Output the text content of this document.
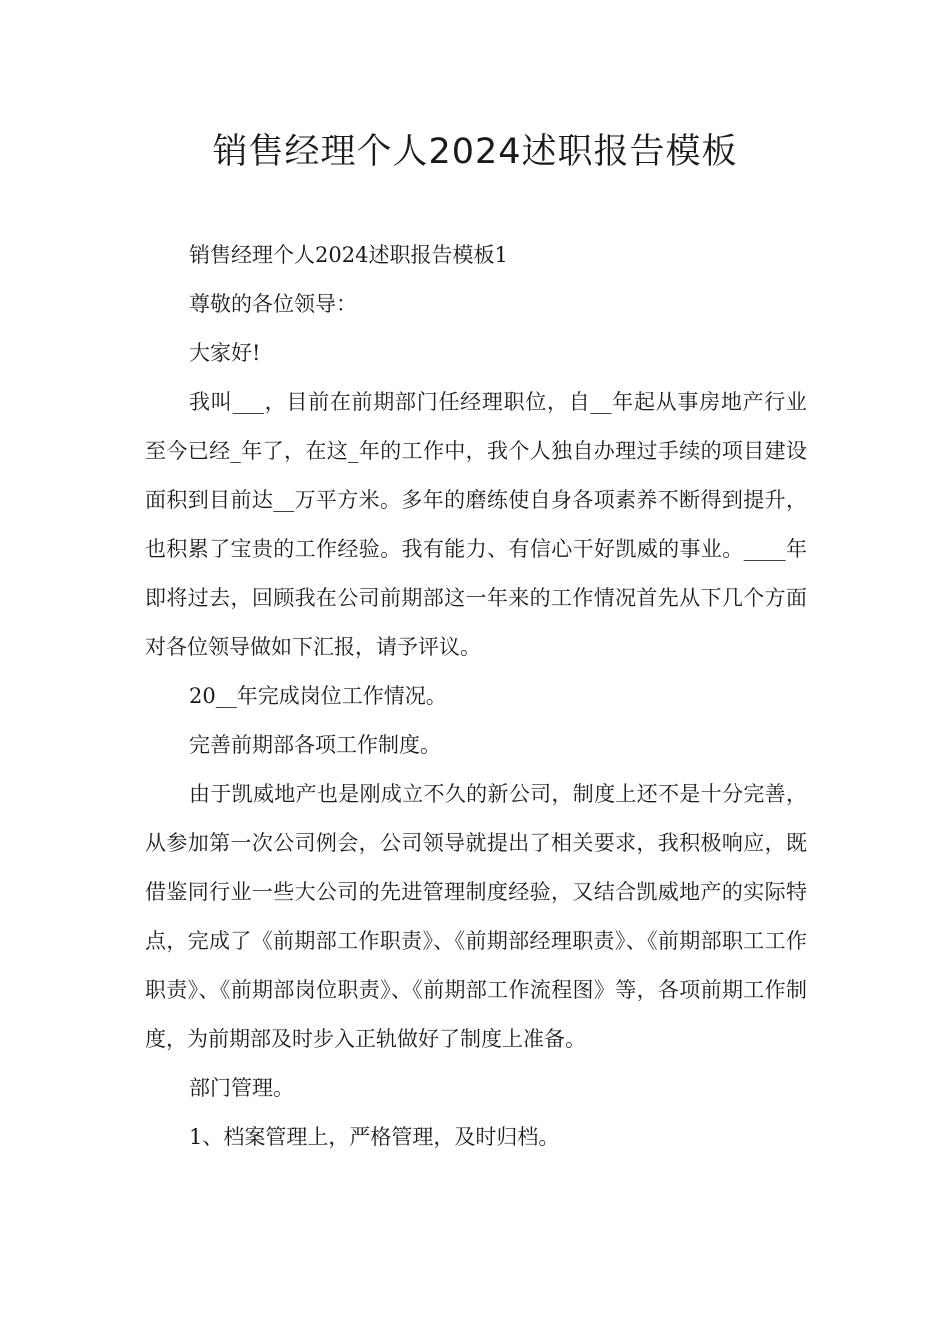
销售经理个人2024述职报告模板

销售经理个人2024述职报告模板1

尊敬的各位领导：

大家好!

我叫___，目前在前期部门任经理职位，自__年起从事房地产行业至今已经_年了，在这_年的工作中，我个人独自办理过手续的项目建设面积到目前达__万平方米。多年的磨练使自身各项素养不断得到提升，也积累了宝贵的工作经验。我有能力、有信心干好凯威的事业。____年即将过去，回顾我在公司前期部这一年来的工作情况首先从下几个方面对各位领导做如下汇报，请予评议。

20__年完成岗位工作情况。

完善前期部各项工作制度。

由于凯威地产也是刚成立不久的新公司，制度上还不是十分完善，从参加第一次公司例会，公司领导就提出了相关要求，我积极响应，既借鉴同行业一些大公司的先进管理制度经验，又结合凯威地产的实际特点，完成了《前期部工作职责》、《前期部经理职责》、《前期部职工工作职责》、《前期部岗位职责》、《前期部工作流程图》等，各项前期工作制度，为前期部及时步入正轨做好了制度上准备。

部门管理。

1、档案管理上，严格管理，及时归档。
